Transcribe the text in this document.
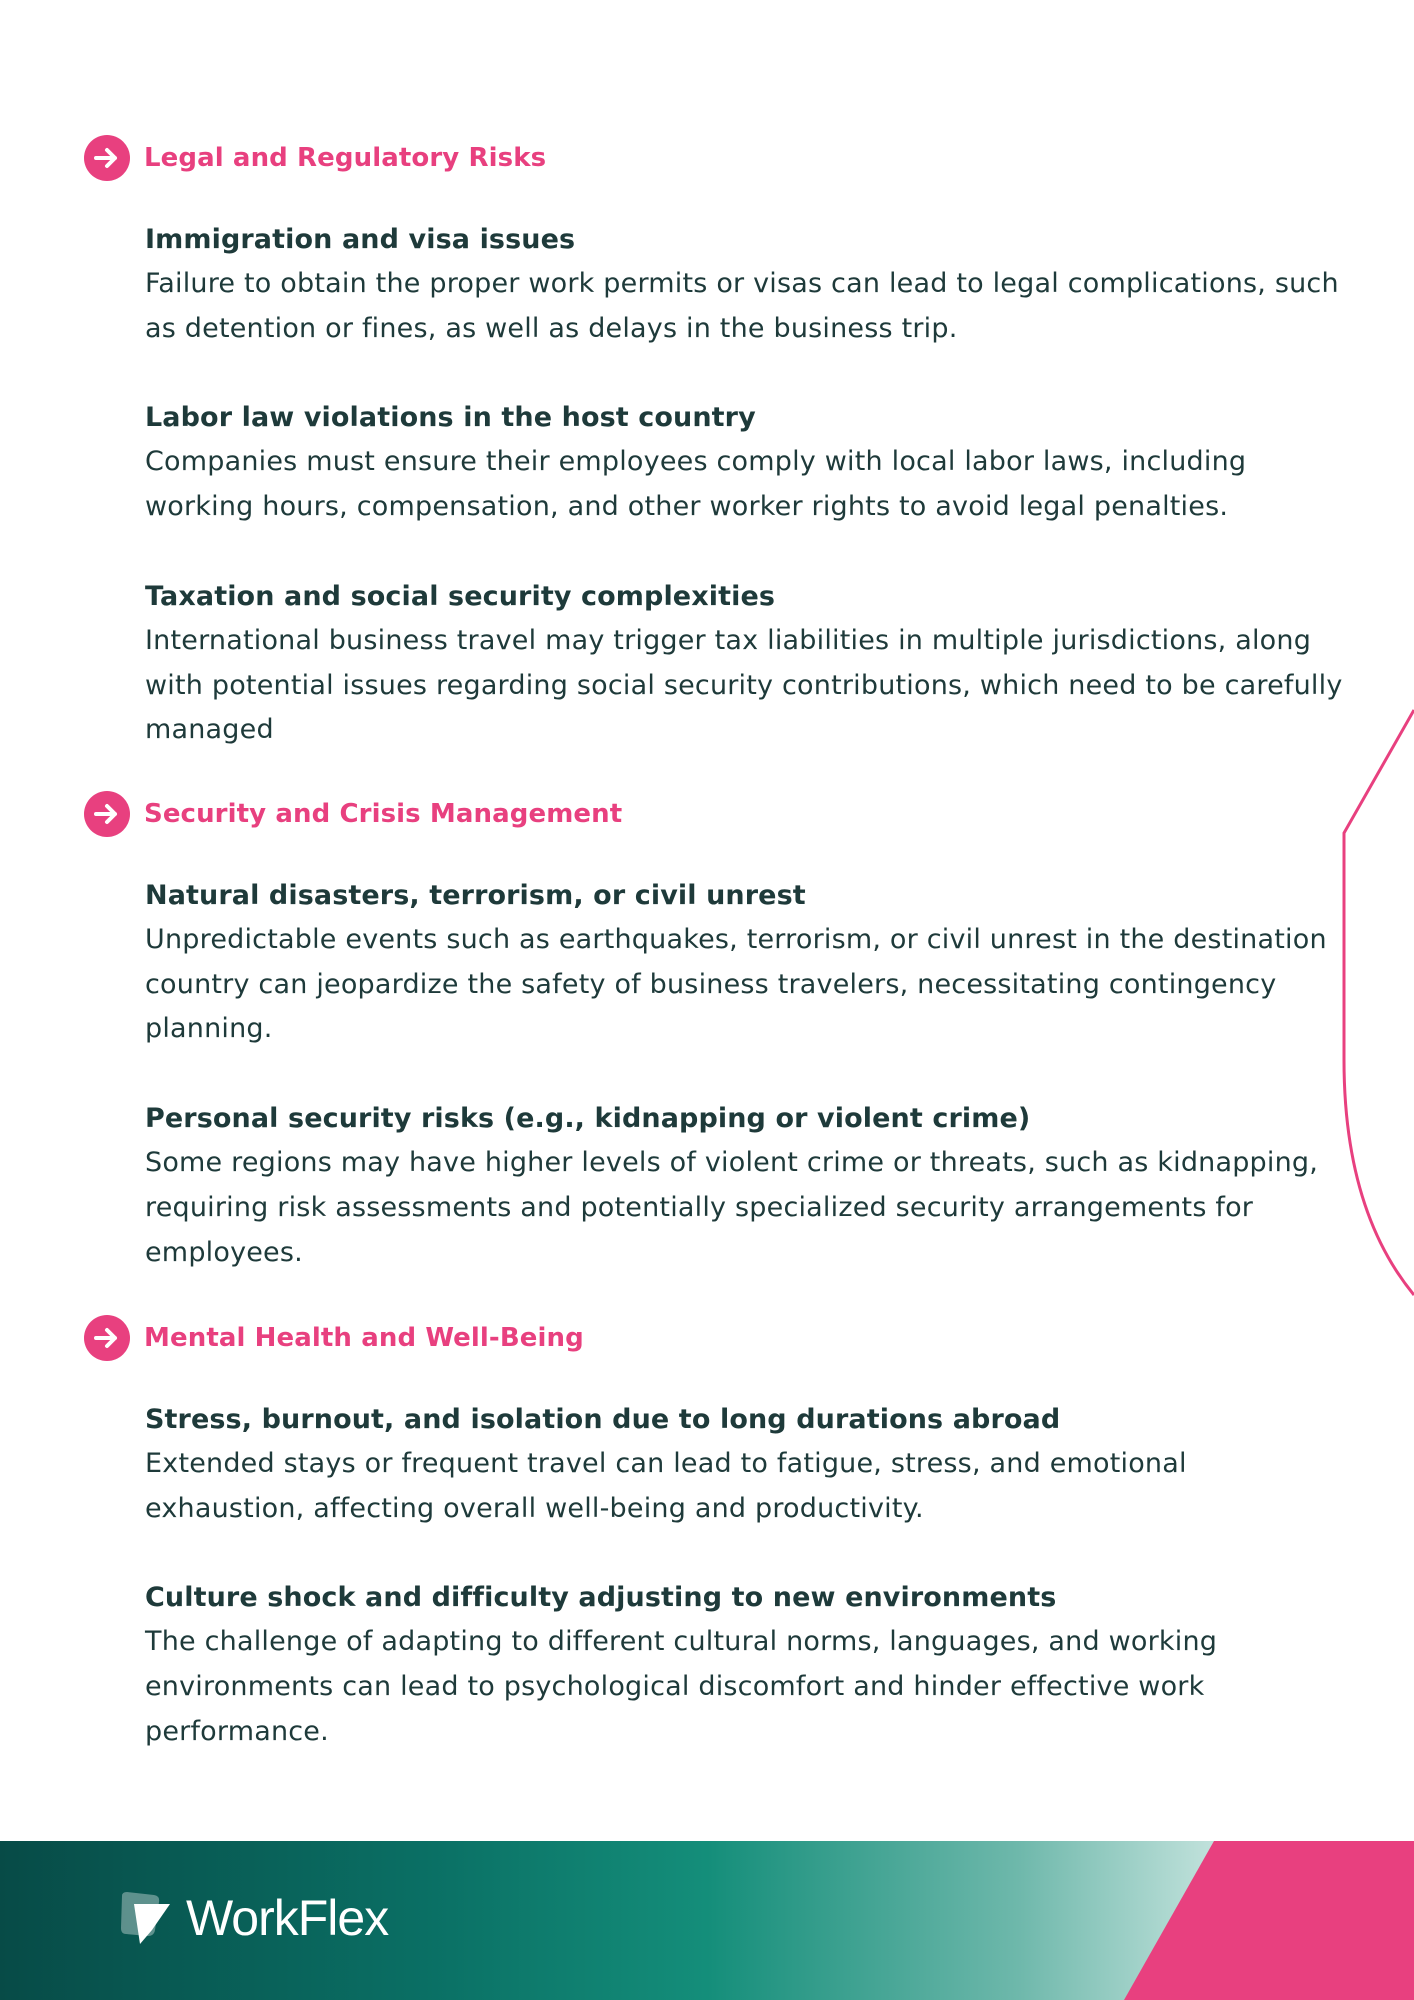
Legal and Regulatory Risks
Immigration and visa issues
Failure to obtain the proper work permits or visas can lead to legal complications, such as detention or fines, as well as delays in the business trip.
Labor law violations in the host country
Companies must ensure their employees comply with local labor laws, including working hours, compensation, and other worker rights to avoid legal penalties.
Taxation and social security complexities
International business travel may trigger tax liabilities in multiple jurisdictions, along with potential issues regarding social security contributions, which need to be carefully managed
Security and Crisis Management
Natural disasters, terrorism, or civil unrest
Unpredictable events such as earthquakes, terrorism, or civil unrest in the destination country can jeopardize the safety of business travelers, necessitating contingency planning.
Personal security risks (e.g., kidnapping or violent crime)
Some regions may have higher levels of violent crime or threats, such as kidnapping, requiring risk assessments and potentially specialized security arrangements for employees.
Mental Health and Well-Being
Stress, burnout, and isolation due to long durations abroad
Extended stays or frequent travel can lead to fatigue, stress, and emotional exhaustion, affecting overall well-being and productivity.
Culture shock and difficulty adjusting to new environments
The challenge of adapting to different cultural norms, languages, and working environments can lead to psychological discomfort and hinder effective work performance.
WorkFlex
